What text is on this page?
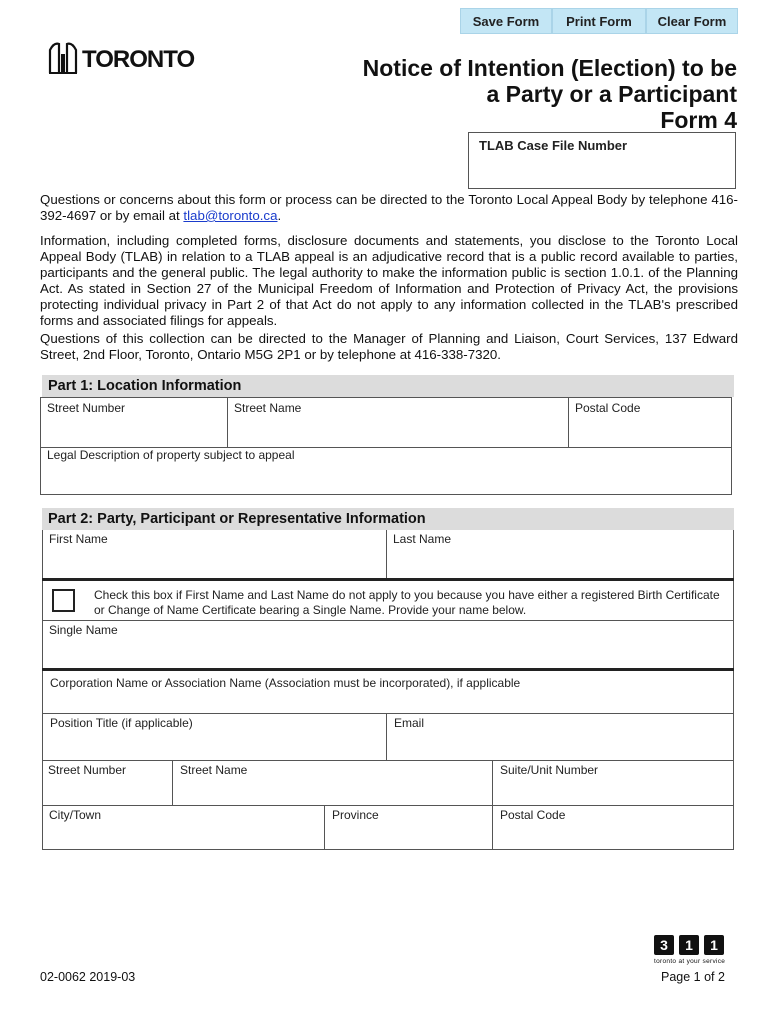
Save Form	Print Form	Clear Form
TORONTO	Notice of Intention (Election) to be
a Party or a Participant
Form 4
TLAB Case File Number
Questions or concerns about this form or process can be directed to the Toronto Local Appeal Body by telephone 416-392-4697 or by email at tlab@toronto.ca.
Information, including completed forms, disclosure documents and statements, you disclose to the Toronto Local Appeal Body (TLAB) in relation to a TLAB appeal is an adjudicative record that is a public record available to parties, participants and the general public. The legal authority to make the information public is section 1.0.1. of the Planning Act. As stated in Section 27 of the Municipal Freedom of Information and Protection of Privacy Act, the provisions protecting individual privacy in Part 2 of that Act do not apply to any information collected in the TLAB's prescribed forms and associated filings for appeals.
Questions of this collection can be directed to the Manager of Planning and Liaison, Court Services, 137 Edward Street, 2nd Floor, Toronto, Ontario M5G 2P1 or by telephone at 416-338-7320.
Part 1: Location Information
Street Number	Street Name	Postal Code
Legal Description of property subject to appeal
Part 2: Party, Participant or Representative Information
First Name	Last Name
Check this box if First Name and Last Name do not apply to you because you have either a registered Birth Certificate or Change of Name Certificate bearing a Single Name. Provide your name below.
Single Name
Corporation Name or Association Name (Association must be incorporated), if applicable
Position Title (if applicable)	Email
Street Number	Street Name	Suite/Unit Number
City/Town	Province	Postal Code
3	1	1
toronto at your service
02-0062 2019-03	Page 1 of 2
